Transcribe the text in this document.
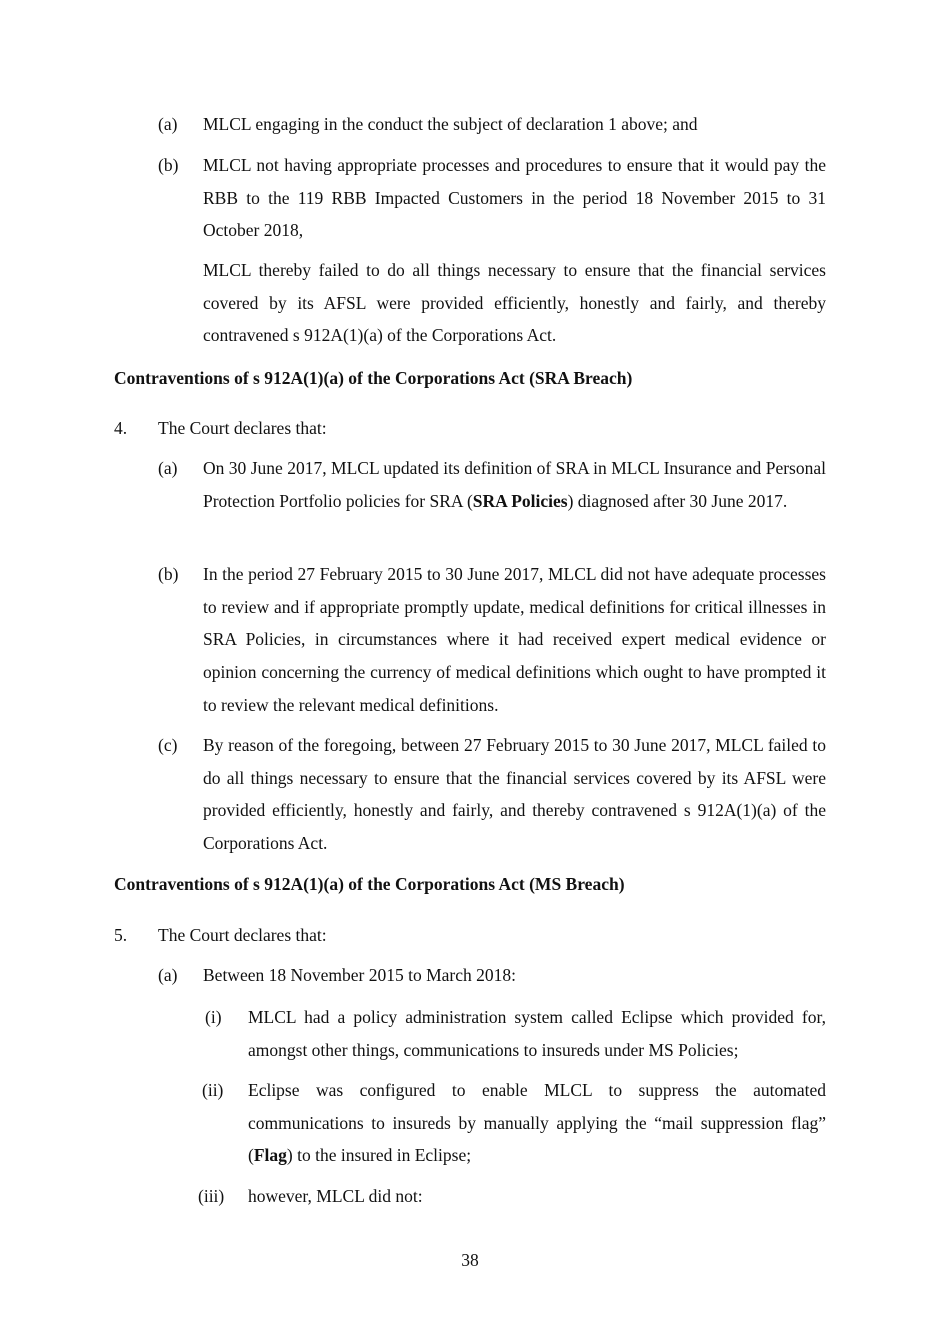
(a) MLCL engaging in the conduct the subject of declaration 1 above; and
(b) MLCL not having appropriate processes and procedures to ensure that it would pay the RBB to the 119 RBB Impacted Customers in the period 18 November 2015 to 31 October 2018,
MLCL thereby failed to do all things necessary to ensure that the financial services covered by its AFSL were provided efficiently, honestly and fairly, and thereby contravened s 912A(1)(a) of the Corporations Act.
Contraventions of s 912A(1)(a) of the Corporations Act (SRA Breach)
4. The Court declares that:
(a) On 30 June 2017, MLCL updated its definition of SRA in MLCL Insurance and Personal Protection Portfolio policies for SRA (SRA Policies) diagnosed after 30 June 2017.
(b) In the period 27 February 2015 to 30 June 2017, MLCL did not have adequate processes to review and if appropriate promptly update, medical definitions for critical illnesses in SRA Policies, in circumstances where it had received expert medical evidence or opinion concerning the currency of medical definitions which ought to have prompted it to review the relevant medical definitions.
(c) By reason of the foregoing, between 27 February 2015 to 30 June 2017, MLCL failed to do all things necessary to ensure that the financial services covered by its AFSL were provided efficiently, honestly and fairly, and thereby contravened s 912A(1)(a) of the Corporations Act.
Contraventions of s 912A(1)(a) of the Corporations Act (MS Breach)
5. The Court declares that:
(a) Between 18 November 2015 to March 2018:
(i) MLCL had a policy administration system called Eclipse which provided for, amongst other things, communications to insureds under MS Policies;
(ii) Eclipse was configured to enable MLCL to suppress the automated communications to insureds by manually applying the “mail suppression flag” (Flag) to the insured in Eclipse;
(iii) however, MLCL did not:
38
